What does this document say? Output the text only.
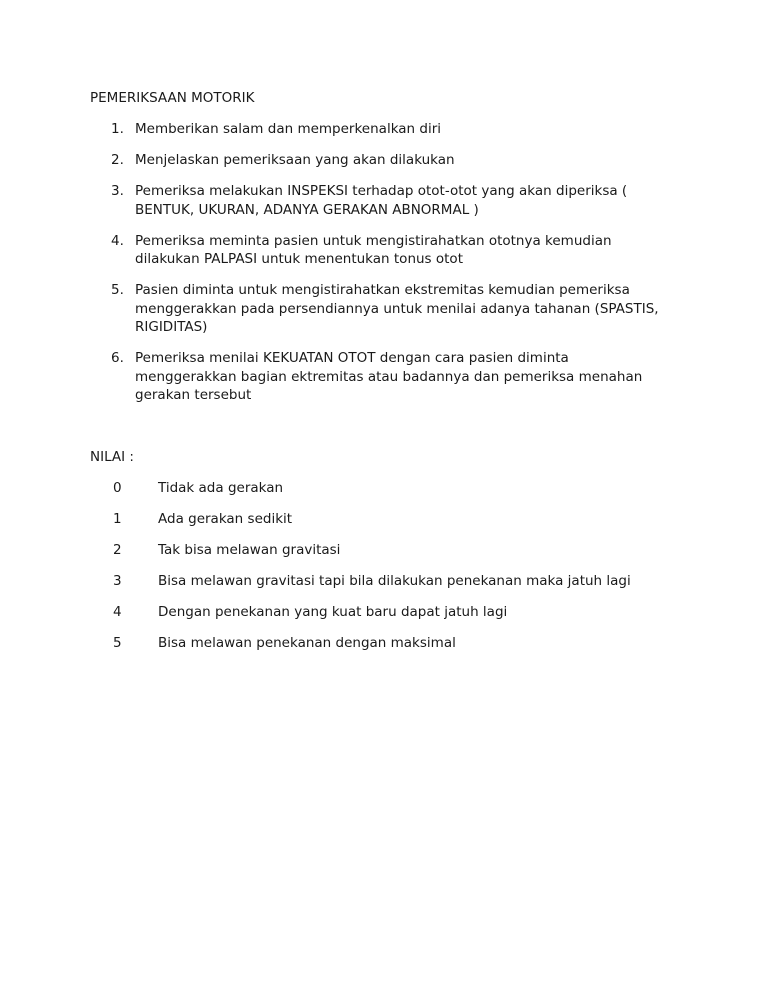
PEMERIKSAAN MOTORIK
1. Memberikan salam dan memperkenalkan diri
2. Menjelaskan pemeriksaan yang akan dilakukan
3. Pemeriksa melakukan INSPEKSI terhadap otot-otot yang akan diperiksa ( BENTUK, UKURAN, ADANYA GERAKAN ABNORMAL )
4. Pemeriksa meminta pasien untuk mengistirahatkan ototnya kemudian dilakukan PALPASI untuk menentukan tonus otot
5. Pasien diminta untuk mengistirahatkan ekstremitas kemudian pemeriksa menggerakkan pada persendiannya untuk menilai adanya tahanan (SPASTIS, RIGIDITAS)
6. Pemeriksa menilai KEKUATAN OTOT dengan cara pasien diminta menggerakkan bagian ektremitas atau badannya dan pemeriksa menahan gerakan tersebut
NILAI :
0	Tidak ada gerakan
1	Ada gerakan sedikit
2	Tak bisa melawan gravitasi
3	Bisa melawan gravitasi tapi bila dilakukan penekanan maka jatuh lagi
4	Dengan penekanan yang kuat baru dapat jatuh lagi
5	Bisa melawan penekanan dengan maksimal
